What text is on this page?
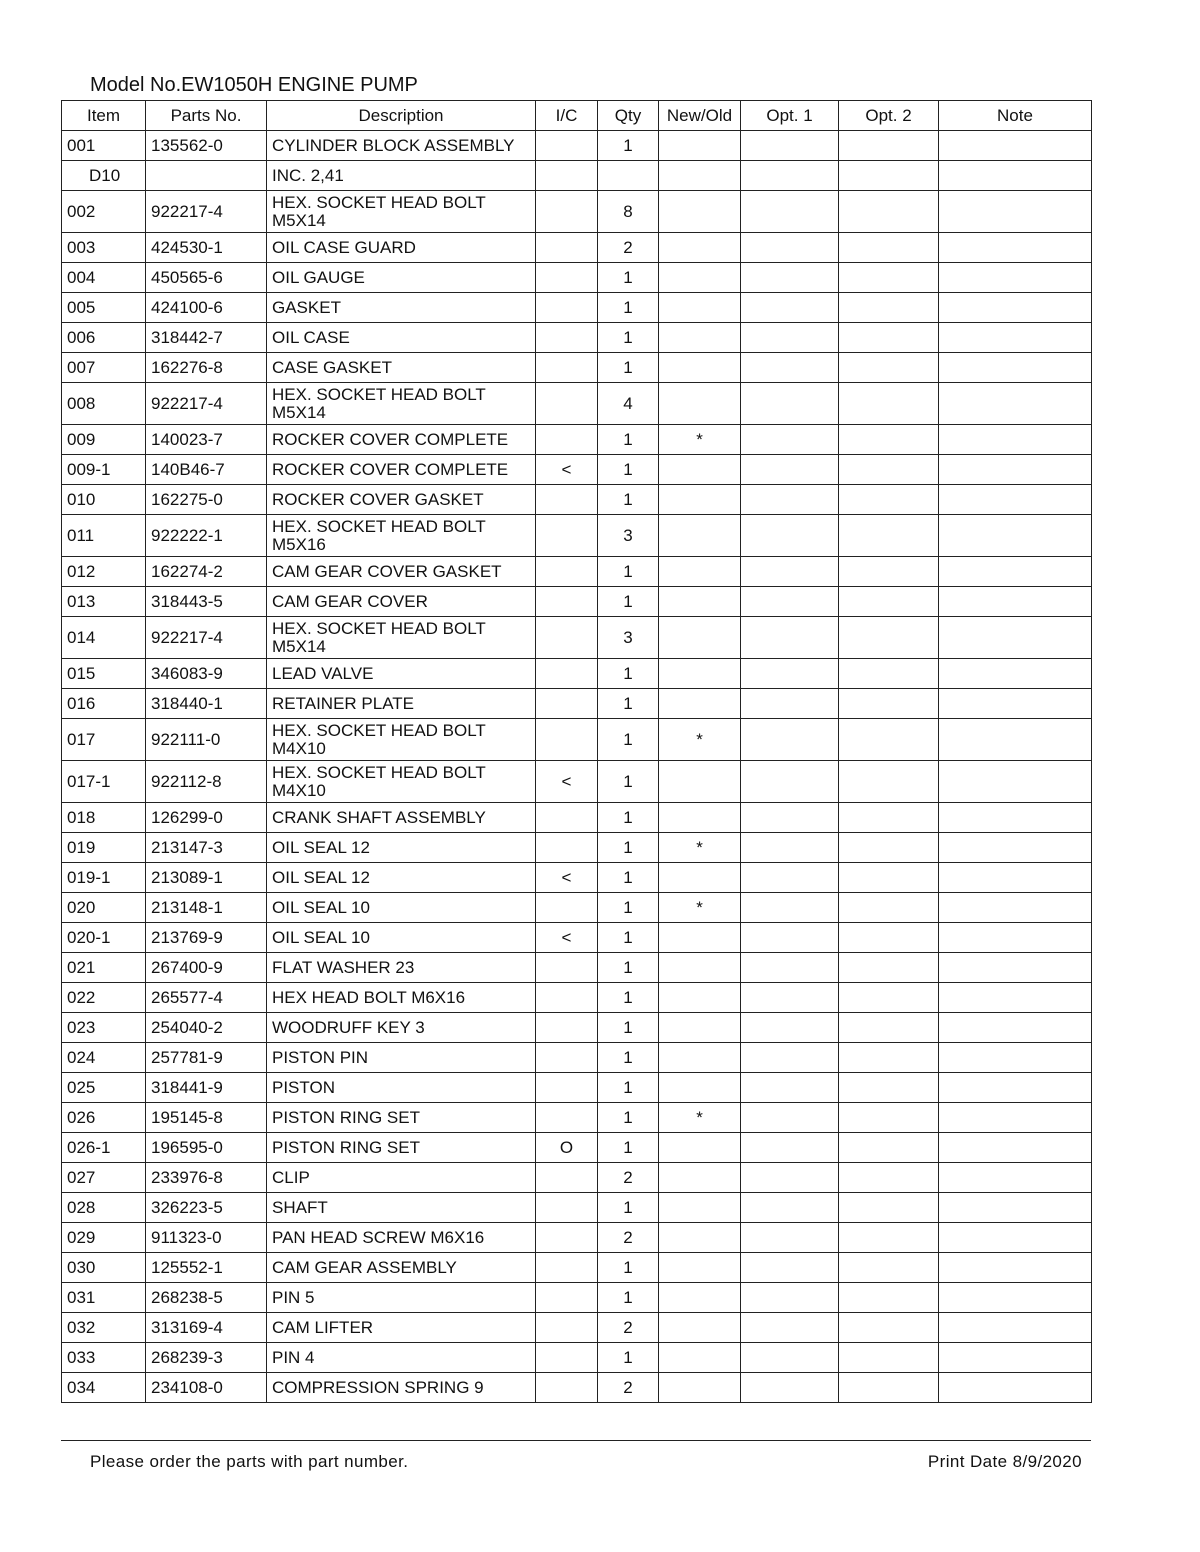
Model No.EW1050H ENGINE PUMP
Item	Parts No.	Description	I/C	Qty	New/Old	Opt. 1	Opt. 2	Note
001	135562-0	CYLINDER BLOCK ASSEMBLY		1				
D10		INC. 2,41						
002	922217-4	HEX. SOCKET HEAD BOLT M5X14		8				
003	424530-1	OIL CASE GUARD		2				
004	450565-6	OIL GAUGE		1				
005	424100-6	GASKET		1				
006	318442-7	OIL CASE		1				
007	162276-8	CASE GASKET		1				
008	922217-4	HEX. SOCKET HEAD BOLT M5X14		4				
009	140023-7	ROCKER COVER COMPLETE		1	*			
009-1	140B46-7	ROCKER COVER COMPLETE	<	1				
010	162275-0	ROCKER COVER GASKET		1				
011	922222-1	HEX. SOCKET HEAD BOLT M5X16		3				
012	162274-2	CAM GEAR COVER GASKET		1				
013	318443-5	CAM GEAR COVER		1				
014	922217-4	HEX. SOCKET HEAD BOLT M5X14		3				
015	346083-9	LEAD VALVE		1				
016	318440-1	RETAINER PLATE		1				
017	922111-0	HEX. SOCKET HEAD BOLT M4X10		1	*			
017-1	922112-8	HEX. SOCKET HEAD BOLT M4X10	<	1				
018	126299-0	CRANK SHAFT ASSEMBLY		1				
019	213147-3	OIL SEAL 12		1	*			
019-1	213089-1	OIL SEAL 12	<	1				
020	213148-1	OIL SEAL 10		1	*			
020-1	213769-9	OIL SEAL 10	<	1				
021	267400-9	FLAT WASHER 23		1				
022	265577-4	HEX HEAD BOLT M6X16		1				
023	254040-2	WOODRUFF KEY 3		1				
024	257781-9	PISTON PIN		1				
025	318441-9	PISTON		1				
026	195145-8	PISTON RING SET		1	*			
026-1	196595-0	PISTON RING SET	O	1				
027	233976-8	CLIP		2				
028	326223-5	SHAFT		1				
029	911323-0	PAN HEAD SCREW M6X16		2				
030	125552-1	CAM GEAR ASSEMBLY		1				
031	268238-5	PIN 5		1				
032	313169-4	CAM LIFTER		2				
033	268239-3	PIN 4		1				
034	234108-0	COMPRESSION SPRING 9		2				
Please order the parts with part number.	Print Date 8/9/2020
